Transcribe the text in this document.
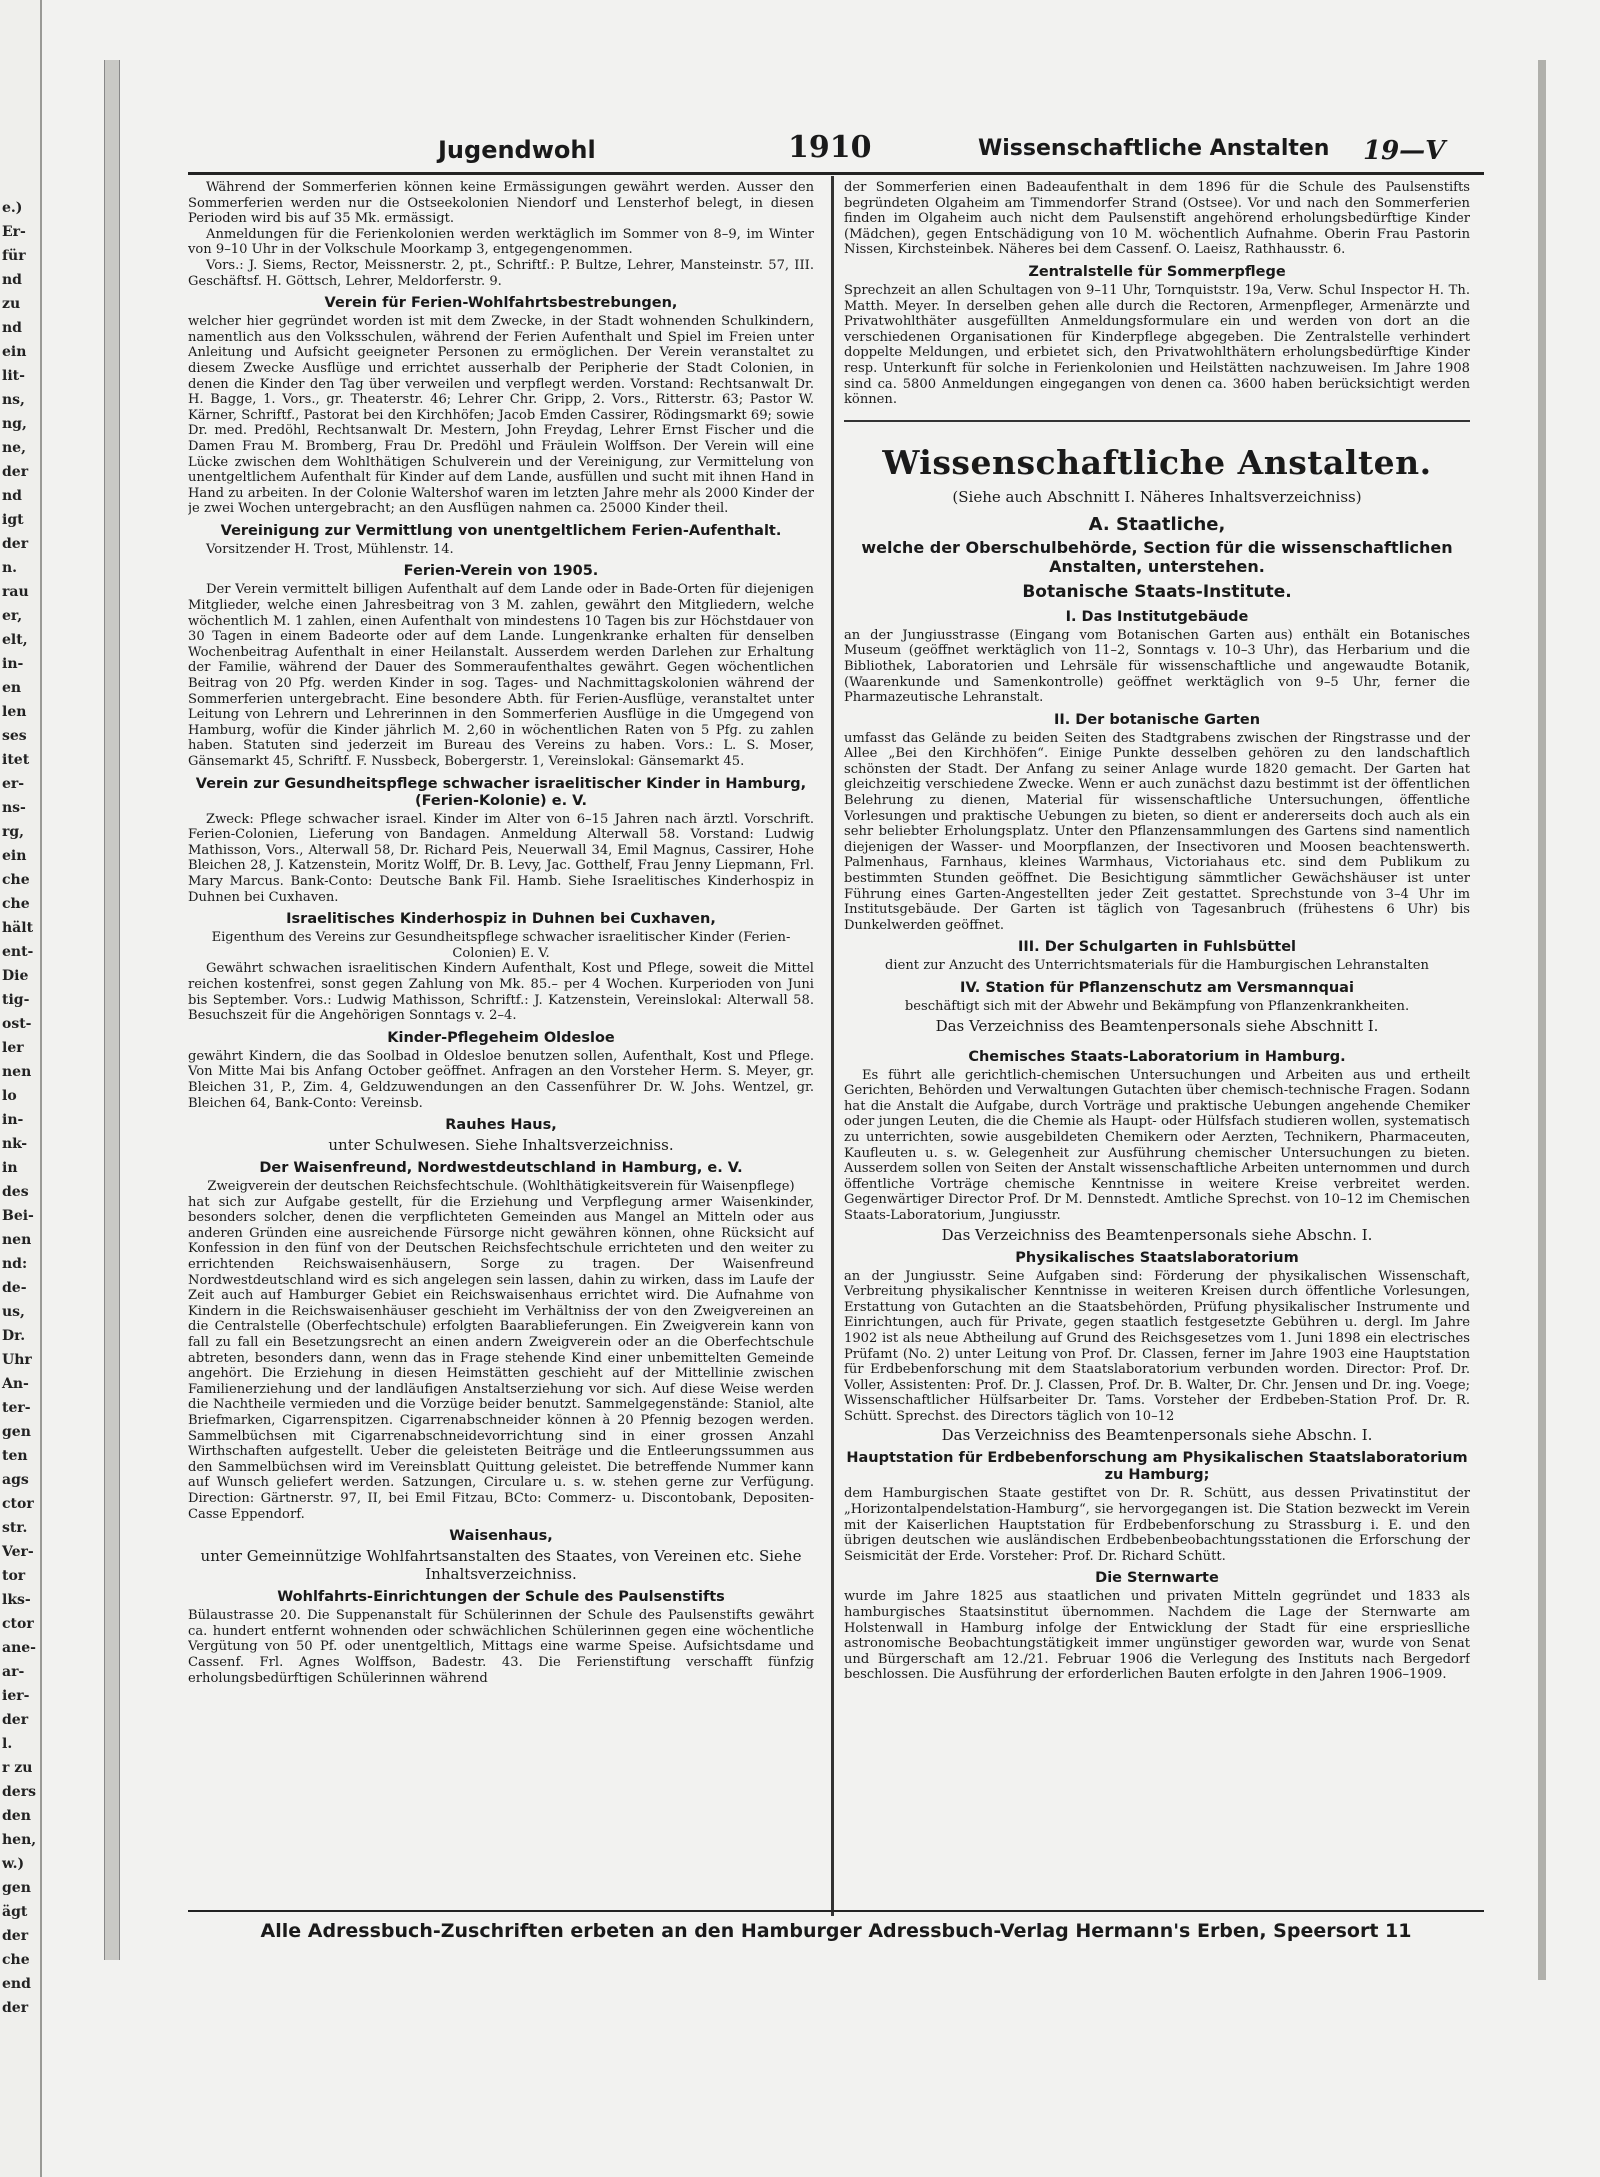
e.)
Er-
für
nd
zu
nd
ein
lit-
ns,
ng,
ne,
der
nd
igt
der
n.
rau
er,
elt,
in-
en
len
ses
itet
er-
ns-
rg,
ein
che
che
hält
ent-
Die
tig-
ost-
ler
nen
lo
in-
nk-
in
des
Bei-
nen
nd:
de-
us,
Dr.
Uhr
An-
ter-
gen
ten
ags
ctor
str.
Ver-
tor
lks-
ctor
ane-
ar-
ier-
der
l.
r zu
ders
den
hen,
w.)
gen
ägt
der
che
end
der
Jugendwohl	1910	Wissenschaftliche Anstalten 19—V

Während der Sommerferien können keine Ermässigungen gewährt werden. Ausser den Sommerferien werden nur die Ostseekolonien Niendorf und Lensterhof belegt, in diesen Perioden wird bis auf 35 Mk. ermässigt.

Anmeldungen für die Ferienkolonien werden werktäglich im Sommer von 8–9, im Winter von 9–10 Uhr in der Volkschule Moorkamp 3, entgegengenommen.

Vors.: J. Siems, Rector, Meissnerstr. 2, pt., Schriftf.: P. Bultze, Lehrer, Mansteinstr. 57, III. Geschäftsf. H. Göttsch, Lehrer, Meldorferstr. 9.

Verein für Ferien-Wohlfahrtsbestrebungen,

welcher hier gegründet worden ist mit dem Zwecke, in der Stadt wohnenden Schulkindern, namentlich aus den Volksschulen, während der Ferien Aufenthalt und Spiel im Freien unter Anleitung und Aufsicht geeigneter Personen zu ermöglichen. Der Verein veranstaltet zu diesem Zwecke Ausflüge und errichtet ausserhalb der Peripherie der Stadt Colonien, in denen die Kinder den Tag über verweilen und verpflegt werden. Vorstand: Rechtsanwalt Dr. H. Bagge, 1. Vors., gr. Theaterstr. 46; Lehrer Chr. Gripp, 2. Vors., Ritterstr. 63; Pastor W. Kärner, Schriftf., Pastorat bei den Kirchhöfen; Jacob Emden Cassirer, Rödingsmarkt 69; sowie Dr. med. Predöhl, Rechtsanwalt Dr. Mestern, John Freydag, Lehrer Ernst Fischer und die Damen Frau M. Bromberg, Frau Dr. Predöhl und Fräulein Wolffson. Der Verein will eine Lücke zwischen dem Wohlthätigen Schulverein und der Vereinigung, zur Vermittelung von unentgeltlichem Aufenthalt für Kinder auf dem Lande, ausfüllen und sucht mit ihnen Hand in Hand zu arbeiten. In der Colonie Waltershof waren im letzten Jahre mehr als 2000 Kinder der je zwei Wochen untergebracht; an den Ausflügen nahmen ca. 25000 Kinder theil.

Vereinigung zur Vermittlung von unentgeltlichem Ferien-Aufenthalt.

Vorsitzender H. Trost, Mühlenstr. 14.

Ferien-Verein von 1905.

Der Verein vermittelt billigen Aufenthalt auf dem Lande oder in Bade-Orten für diejenigen Mitglieder, welche einen Jahresbeitrag von 3 M. zahlen, gewährt den Mitgliedern, welche wöchentlich M. 1 zahlen, einen Aufenthalt von mindestens 10 Tagen bis zur Höchstdauer von 30 Tagen in einem Badeorte oder auf dem Lande. Lungenkranke erhalten für denselben Wochenbeitrag Aufenthalt in einer Heilanstalt. Ausserdem werden Darlehen zur Erhaltung der Familie, während der Dauer des Sommeraufenthaltes gewährt. Gegen wöchentlichen Beitrag von 20 Pfg. werden Kinder in sog. Tages- und Nachmittagskolonien während der Sommerferien untergebracht. Eine besondere Abth. für Ferien-Ausflüge, veranstaltet unter Leitung von Lehrern und Lehrerinnen in den Sommerferien Ausflüge in die Umgegend von Hamburg, wofür die Kinder jährlich M. 2,60 in wöchentlichen Raten von 5 Pfg. zu zahlen haben. Statuten sind jederzeit im Bureau des Vereins zu haben. Vors.: L. S. Moser, Gänsemarkt 45, Schriftf. F. Nussbeck, Bobergerstr. 1, Vereinslokal: Gänsemarkt 45.

Verein zur Gesundheitspflege schwacher israelitischer Kinder in Hamburg, (Ferien-Kolonie) e. V.

Zweck: Pflege schwacher israel. Kinder im Alter von 6–15 Jahren nach ärztl. Vorschrift. Ferien-Colonien, Lieferung von Bandagen. Anmeldung Alterwall 58. Vorstand: Ludwig Mathisson, Vors., Alterwall 58, Dr. Richard Peis, Neuerwall 34, Emil Magnus, Cassirer, Hohe Bleichen 28, J. Katzenstein, Moritz Wolff, Dr. B. Levy, Jac. Gotthelf, Frau Jenny Liepmann, Frl. Mary Marcus. Bank-Conto: Deutsche Bank Fil. Hamb. Siehe Israelitisches Kinderhospiz in Duhnen bei Cuxhaven.

Israelitisches Kinderhospiz in Duhnen bei Cuxhaven,

Eigenthum des Vereins zur Gesundheitspflege schwacher israelitischer Kinder (Ferien-Colonien) E. V.

Gewährt schwachen israelitischen Kindern Aufenthalt, Kost und Pflege, soweit die Mittel reichen kostenfrei, sonst gegen Zahlung von Mk. 85.– per 4 Wochen. Kurperioden von Juni bis September. Vors.: Ludwig Mathisson, Schriftf.: J. Katzenstein, Vereinslokal: Alterwall 58. Besuchszeit für die Angehörigen Sonntags v. 2–4.

Kinder-Pflegeheim Oldesloe

gewährt Kindern, die das Soolbad in Oldesloe benutzen sollen, Aufenthalt, Kost und Pflege. Von Mitte Mai bis Anfang October geöffnet. Anfragen an den Vorsteher Herm. S. Meyer, gr. Bleichen 31, P., Zim. 4, Geldzuwendungen an den Cassenführer Dr. W. Johs. Wentzel, gr. Bleichen 64, Bank-Conto: Vereinsb.

Rauhes Haus,
unter Schulwesen. Siehe Inhaltsverzeichniss.
Der Waisenfreund, Nordwestdeutschland in Hamburg, e. V.

Zweigverein der deutschen Reichsfechtschule. (Wohlthätigkeitsverein für Waisenpflege)

hat sich zur Aufgabe gestellt, für die Erziehung und Verpflegung armer Waisenkinder, besonders solcher, denen die verpflichteten Gemeinden aus Mangel an Mitteln oder aus anderen Gründen eine ausreichende Fürsorge nicht gewähren können, ohne Rücksicht auf Konfession in den fünf von der Deutschen Reichsfechtschule errichteten und den weiter zu errichtenden Reichswaisenhäusern, Sorge zu tragen. Der Waisenfreund Nordwestdeutschland wird es sich angelegen sein lassen, dahin zu wirken, dass im Laufe der Zeit auch auf Hamburger Gebiet ein Reichswaisenhaus errichtet wird. Die Aufnahme von Kindern in die Reichswaisenhäuser geschieht im Verhältniss der von den Zweigvereinen an die Centralstelle (Oberfechtschule) erfolgten Baarablieferungen. Ein Zweigverein kann von fall zu fall ein Besetzungsrecht an einen andern Zweigverein oder an die Oberfechtschule abtreten, besonders dann, wenn das in Frage stehende Kind einer unbemittelten Gemeinde angehört. Die Erziehung in diesen Heimstätten geschieht auf der Mittellinie zwischen Familienerziehung und der landläufigen Anstaltserziehung vor sich. Auf diese Weise werden die Nachtheile vermieden und die Vorzüge beider benutzt. Sammelgegenstände: Staniol, alte Briefmarken, Cigarrenspitzen. Cigarrenabschneider können à 20 Pfennig bezogen werden. Sammelbüchsen mit Cigarrenabschneidevorrichtung sind in einer grossen Anzahl Wirthschaften aufgestellt. Ueber die geleisteten Beiträge und die Entleerungssummen aus den Sammelbüchsen wird im Vereinsblatt Quittung geleistet. Die betreffende Nummer kann auf Wunsch geliefert werden. Satzungen, Circulare u. s. w. stehen gerne zur Verfügung. Direction: Gärtnerstr. 97, II, bei Emil Fitzau, BCto: Commerz- u. Discontobank, Depositen-Casse Eppendorf.

Waisenhaus,
unter Gemeinnützige Wohlfahrtsanstalten des Staates, von Vereinen etc. Siehe Inhaltsverzeichniss.
Wohlfahrts-Einrichtungen der Schule des Paulsenstifts

Bülaustrasse 20. Die Suppenanstalt für Schülerinnen der Schule des Paulsenstifts gewährt ca. hundert entfernt wohnenden oder schwächlichen Schülerinnen gegen eine wöchentliche Vergütung von 50 Pf. oder unentgeltlich, Mittags eine warme Speise. Aufsichtsdame und Cassenf. Frl. Agnes Wolffson, Badestr. 43. Die Ferienstiftung verschafft fünfzig erholungsbedürftigen Schülerinnen während

der Sommerferien einen Badeaufenthalt in dem 1896 für die Schule des Paulsenstifts begründeten Olgaheim am Timmendorfer Strand (Ostsee). Vor und nach den Sommerferien finden im Olgaheim auch nicht dem Paulsenstift angehörend erholungsbedürftige Kinder (Mädchen), gegen Entschädigung von 10 M. wöchentlich Aufnahme. Oberin Frau Pastorin Nissen, Kirchsteinbek. Näheres bei dem Cassenf. O. Laeisz, Rathhausstr. 6.

Zentralstelle für Sommerpflege

Sprechzeit an allen Schultagen von 9–11 Uhr, Tornquiststr. 19a, Verw. Schul Inspector H. Th. Matth. Meyer. In derselben gehen alle durch die Rectoren, Armenpfleger, Armenärzte und Privatwohlthäter ausgefüllten Anmeldungsformulare ein und werden von dort an die verschiedenen Organisationen für Kinderpflege abgegeben. Die Zentralstelle verhindert doppelte Meldungen, und erbietet sich, den Privatwohlthätern erholungsbedürftige Kinder resp. Unterkunft für solche in Ferienkolonien und Heilstätten nachzuweisen. Im Jahre 1908 sind ca. 5800 Anmeldungen eingegangen von denen ca. 3600 haben berücksichtigt werden können.

Wissenschaftliche Anstalten.
(Siehe auch Abschnitt I. Näheres Inhaltsverzeichniss)
A. Staatliche,
welche der Oberschulbehörde, Section für die wissenschaftlichen Anstalten, unterstehen.
Botanische Staats-Institute.
I. Das Institutgebäude

an der Jungiusstrasse (Eingang vom Botanischen Garten aus) enthält ein Botanisches Museum (geöffnet werktäglich von 11–2, Sonntags v. 10–3 Uhr), das Herbarium und die Bibliothek, Laboratorien und Lehrsäle für wissenschaftliche und angewaudte Botanik, (Waarenkunde und Samenkontrolle) geöffnet werktäglich von 9–5 Uhr, ferner die Pharmazeutische Lehranstalt.

II. Der botanische Garten

umfasst das Gelände zu beiden Seiten des Stadtgrabens zwischen der Ringstrasse und der Allee „Bei den Kirchhöfen“. Einige Punkte desselben gehören zu den landschaftlich schönsten der Stadt. Der Anfang zu seiner Anlage wurde 1820 gemacht. Der Garten hat gleichzeitig verschiedene Zwecke. Wenn er auch zunächst dazu bestimmt ist der öffentlichen Belehrung zu dienen, Material für wissenschaftliche Untersuchungen, öffentliche Vorlesungen und praktische Uebungen zu bieten, so dient er andererseits doch auch als ein sehr beliebter Erholungsplatz. Unter den Pflanzensammlungen des Gartens sind namentlich diejenigen der Wasser- und Moorpflanzen, der Insectivoren und Moosen beachtenswerth. Palmenhaus, Farnhaus, kleines Warmhaus, Victoriahaus etc. sind dem Publikum zu bestimmten Stunden geöffnet. Die Besichtigung sämmtlicher Gewächshäuser ist unter Führung eines Garten-Angestellten jeder Zeit gestattet. Sprechstunde von 3–4 Uhr im Institutsgebäude. Der Garten ist täglich von Tagesanbruch (frühestens 6 Uhr) bis Dunkelwerden geöffnet.

III. Der Schulgarten in Fuhlsbüttel

dient zur Anzucht des Unterrichtsmaterials für die Hamburgischen Lehranstalten

IV. Station für Pflanzenschutz am Versmannquai

beschäftigt sich mit der Abwehr und Bekämpfung von Pflanzenkrankheiten.

Das Verzeichniss des Beamtenpersonals siehe Abschnitt I.
Chemisches Staats-Laboratorium in Hamburg.

Es führt alle gerichtlich-chemischen Untersuchungen und Arbeiten aus und ertheilt Gerichten, Behörden und Verwaltungen Gutachten über chemisch-technische Fragen. Sodann hat die Anstalt die Aufgabe, durch Vorträge und praktische Uebungen angehende Chemiker oder jungen Leuten, die die Chemie als Haupt- oder Hülfsfach studieren wollen, systematisch zu unterrichten, sowie ausgebildeten Chemikern oder Aerzten, Technikern, Pharmaceuten, Kaufleuten u. s. w. Gelegenheit zur Ausführung chemischer Untersuchungen zu bieten. Ausserdem sollen von Seiten der Anstalt wissenschaftliche Arbeiten unternommen und durch öffentliche Vorträge chemische Kenntnisse in weitere Kreise verbreitet werden. Gegenwärtiger Director Prof. Dr M. Dennstedt. Amtliche Sprechst. von 10–12 im Chemischen Staats-Laboratorium, Jungiusstr.

Das Verzeichniss des Beamtenpersonals siehe Abschn. I.
Physikalisches Staatslaboratorium

an der Jungiusstr. Seine Aufgaben sind: Förderung der physikalischen Wissenschaft, Verbreitung physikalischer Kenntnisse in weiteren Kreisen durch öffentliche Vorlesungen, Erstattung von Gutachten an die Staatsbehörden, Prüfung physikalischer Instrumente und Einrichtungen, auch für Private, gegen staatlich festgesetzte Gebühren u. dergl. Im Jahre 1902 ist als neue Abtheilung auf Grund des Reichsgesetzes vom 1. Juni 1898 ein electrisches Prüfamt (No. 2) unter Leitung von Prof. Dr. Classen, ferner im Jahre 1903 eine Hauptstation für Erdbebenforschung mit dem Staatslaboratorium verbunden worden. Director: Prof. Dr. Voller, Assistenten: Prof. Dr. J. Classen, Prof. Dr. B. Walter, Dr. Chr. Jensen und Dr. ing. Voege; Wissenschaftlicher Hülfsarbeiter Dr. Tams. Vorsteher der Erdbeben-Station Prof. Dr. R. Schütt. Sprechst. des Directors täglich von 10–12

Das Verzeichniss des Beamtenpersonals siehe Abschn. I.
Hauptstation für Erdbebenforschung am Physikalischen Staatslaboratorium zu Hamburg;

dem Hamburgischen Staate gestiftet von Dr. R. Schütt, aus dessen Privatinstitut der „Horizontalpendelstation-Hamburg“, sie hervorgegangen ist. Die Station bezweckt im Verein mit der Kaiserlichen Hauptstation für Erdbebenforschung zu Strassburg i. E. und den übrigen deutschen wie ausländischen Erdbebenbeobachtungsstationen die Erforschung der Seismicität der Erde. Vorsteher: Prof. Dr. Richard Schütt.

Die Sternwarte

wurde im Jahre 1825 aus staatlichen und privaten Mitteln gegründet und 1833 als hamburgisches Staatsinstitut übernommen. Nachdem die Lage der Sternwarte am Holstenwall in Hamburg infolge der Entwicklung der Stadt für eine ersprieslliche astronomische Beobachtungstätigkeit immer ungünstiger geworden war, wurde von Senat und Bürgerschaft am 12./21. Februar 1906 die Verlegung des Instituts nach Bergedorf beschlossen. Die Ausführung der erforderlichen Bauten erfolgte in den Jahren 1906–1909.

Alle Adressbuch-Zuschriften erbeten an den Hamburger Adressbuch-Verlag Hermann's Erben, Speersort 11
